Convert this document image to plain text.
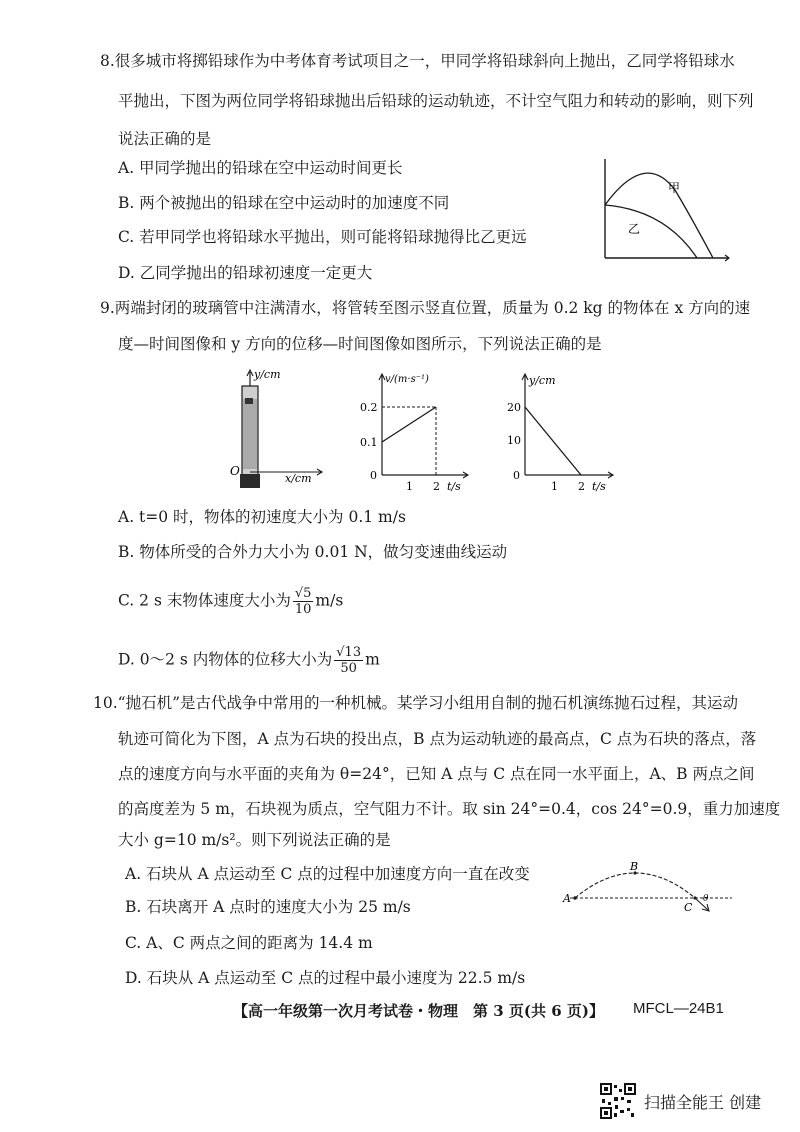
8.很多城市将掷铅球作为中考体育考试项目之一，甲同学将铅球斜向上抛出，乙同学将铅球水
平抛出，下图为两位同学将铅球抛出后铅球的运动轨迹，不计空气阻力和转动的影响，则下列
说法正确的是
A. 甲同学抛出的铅球在空中运动时间更长
B. 两个被抛出的铅球在空中运动时的加速度不同
C. 若甲同学也将铅球水平抛出，则可能将铅球抛得比乙更远
D. 乙同学抛出的铅球初速度一定更大
甲
乙
9.两端封闭的玻璃管中注满清水，将管转至图示竖直位置，质量为 0.2 kg 的物体在 x 方向的速
度—时间图像和 y 方向的位移—时间图像如图所示，下列说法正确的是
y/cm
O
x/cm
v/(m·s⁻¹)
0.2
0.1
0
1 2 t/s
y/cm
20
10
0
1 2 t/s
A. t=0 时，物体的初速度大小为 0.1 m/s
B. 物体所受的合外力大小为 0.01 N，做匀变速曲线运动
C. 2 s 末物体速度大小为 $\frac{√5}{10} m/s$
D. 0～2 s 内物体的位移大小为 $\frac{√13}{50}$ m
10.“抛石机”是古代战争中常用的一种机械。某学习小组用自制的抛石机演练抛石过程，其运动
轨迹可简化为下图，A 点为石块的投出点，B 点为运动轨迹的最高点，C 点为石块的落点，落
点的速度方向与水平面的夹角为 θ=24°，已知 A 点与 C 点在同一水平面上，A、B 两点之间
的高度差为 5 m，石块视为质点，空气阻力不计。取 sin 24°=0.4，cos 24°=0.9，重力加速度
大小 g=10 m/s²。则下列说法正确的是
A. 石块从 A 点运动至 C 点的过程中加速度方向一直在改变
B. 石块离开 A 点时的速度大小为 25 m/s
C. A、C 两点之间的距离为 14.4 m
D. 石块从 A 点运动至 C 点的过程中最小速度为 22.5 m/s
A
B
C
θ
【高一年级第一次月考试卷・物理　第 3 页(共 6 页)】 MFCL—24B1
扫描全能王 创建
